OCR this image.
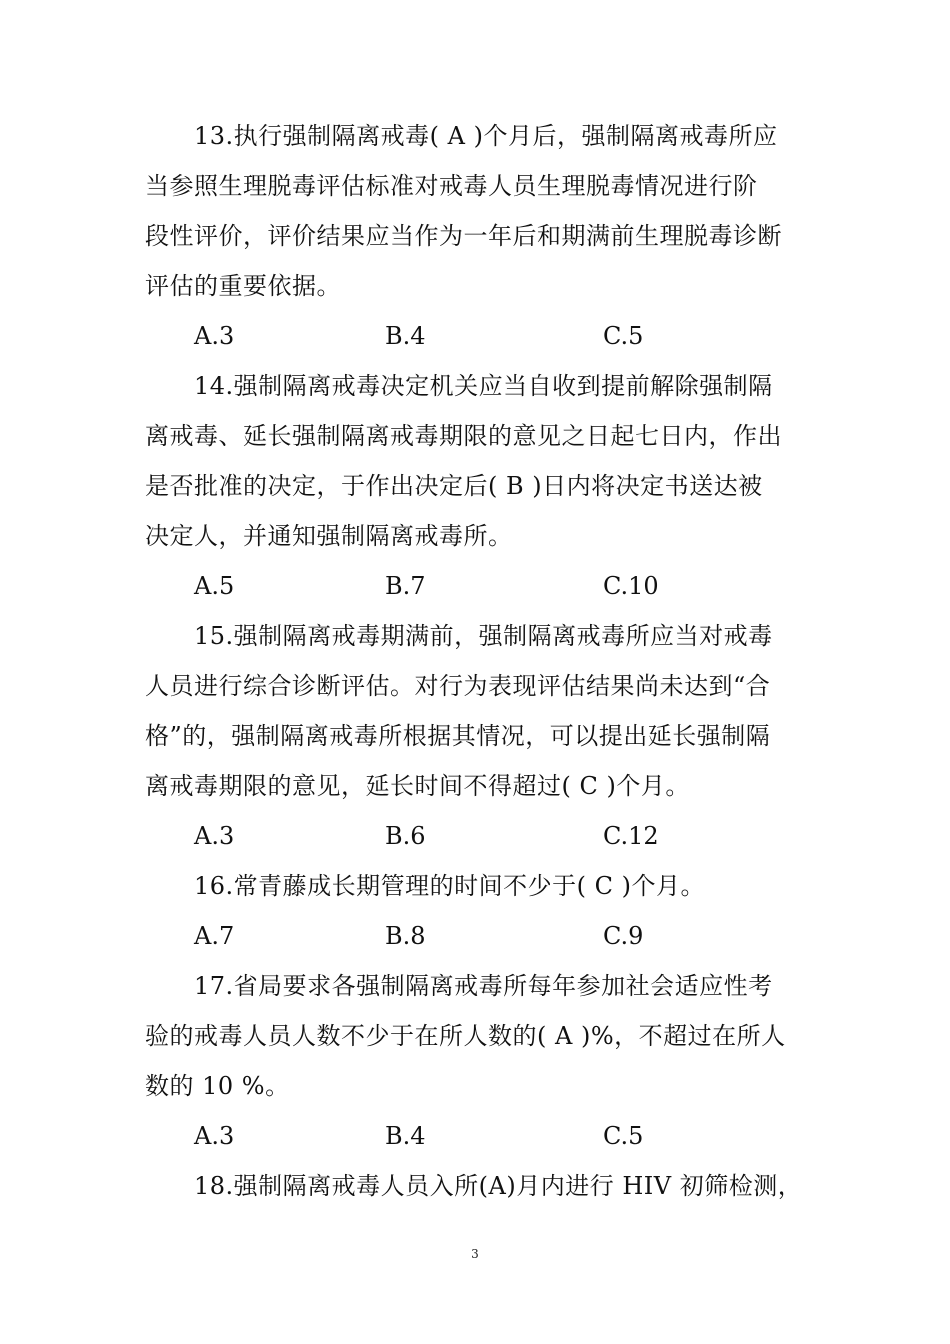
13.执行强制隔离戒毒( A )个月后，强制隔离戒毒所应
当参照生理脱毒评估标准对戒毒人员生理脱毒情况进行阶
段性评价，评价结果应当作为一年后和期满前生理脱毒诊断
评估的重要依据。
A.3	B.4	C.5
14.强制隔离戒毒决定机关应当自收到提前解除强制隔
离戒毒、延长强制隔离戒毒期限的意见之日起七日内，作出
是否批准的决定，于作出决定后( B )日内将决定书送达被
决定人，并通知强制隔离戒毒所。
A.5	B.7	C.10
15.强制隔离戒毒期满前，强制隔离戒毒所应当对戒毒
人员进行综合诊断评估。对行为表现评估结果尚未达到“合
格”的，强制隔离戒毒所根据其情况，可以提出延长强制隔
离戒毒期限的意见，延长时间不得超过( C )个月。
A.3	B.6	C.12
16.常青藤成长期管理的时间不少于( C )个月。
A.7	B.8	C.9
17.省局要求各强制隔离戒毒所每年参加社会适应性考
验的戒毒人员人数不少于在所人数的( A )%，不超过在所人
数的 10 %。
A.3	B.4	C.5
18.强制隔离戒毒人员入所(A)月内进行 HIV 初筛检测，
3
